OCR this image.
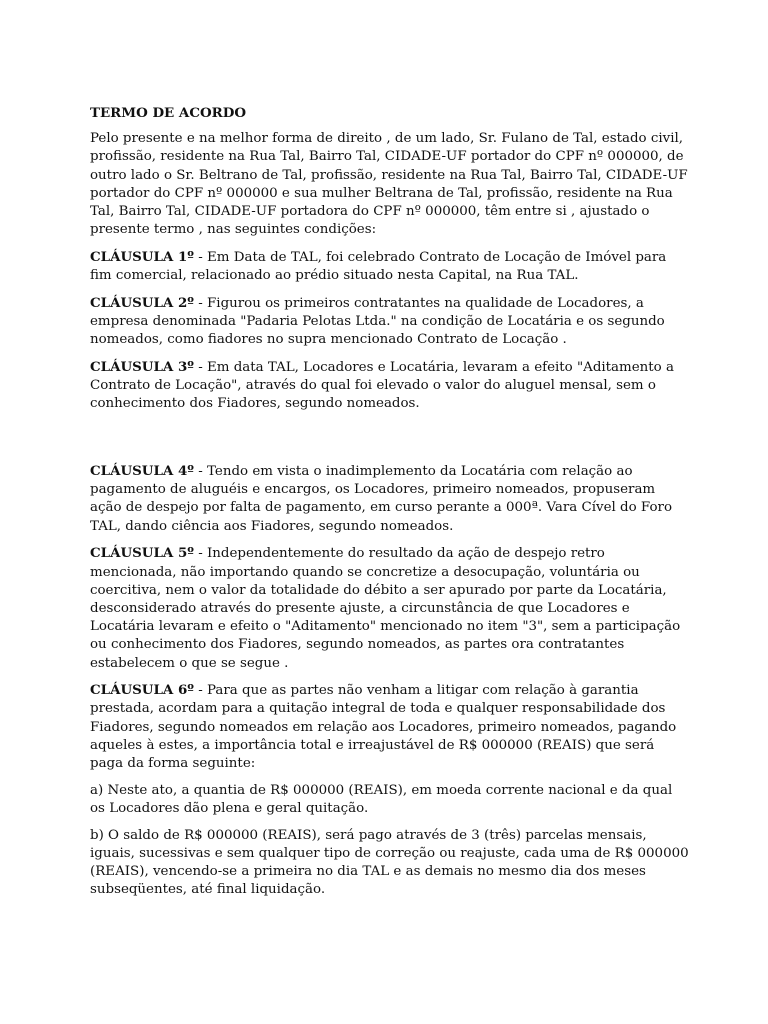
TERMO DE ACORDO

Pelo presente e na melhor forma de direito , de um lado, Sr. Fulano de Tal, estado civil, profissão, residente na Rua Tal, Bairro Tal, CIDADE-UF portador do CPF nº 000000, de outro lado o Sr. Beltrano de Tal, profissão, residente na Rua Tal, Bairro Tal, CIDADE-UF portador do CPF nº 000000 e sua mulher Beltrana de Tal, profissão, residente na Rua Tal, Bairro Tal, CIDADE-UF portadora do CPF nº 000000, têm entre si , ajustado o presente termo , nas seguintes condições:

CLÁUSULA 1º - Em Data de TAL, foi celebrado Contrato de Locação de Imóvel para fim comercial, relacionado ao prédio situado nesta Capital, na Rua TAL.

CLÁUSULA 2º - Figurou os primeiros contratantes na qualidade de Locadores, a empresa denominada "Padaria Pelotas Ltda." na condição de Locatária e os segundo nomeados, como fiadores no supra mencionado Contrato de Locação .

CLÁUSULA 3º - Em data TAL, Locadores e Locatária, levaram a efeito "Aditamento a Contrato de Locação", através do qual foi elevado o valor do aluguel mensal, sem o conhecimento dos Fiadores, segundo nomeados.

CLÁUSULA 4º - Tendo em vista o inadimplemento da Locatária com relação ao pagamento de aluguéis e encargos, os Locadores, primeiro nomeados, propuseram ação de despejo por falta de pagamento, em curso perante a 000ª. Vara Cível do Foro TAL, dando ciência aos Fiadores, segundo nomeados.

CLÁUSULA 5º - Independentemente do resultado da ação de despejo retro mencionada, não importando quando se concretize a desocupação, voluntária ou coercitiva, nem o valor da totalidade do débito a ser apurado por parte da Locatária, desconsiderado através do presente ajuste, a circunstância de que Locadores e Locatária levaram e efeito o "Aditamento" mencionado no item "3", sem a participação ou conhecimento dos Fiadores, segundo nomeados, as partes ora contratantes estabelecem o que se segue .

CLÁUSULA 6º - Para que as partes não venham a litigar com relação à garantia prestada, acordam para a quitação integral de toda e qualquer responsabilidade dos Fiadores, segundo nomeados em relação aos Locadores, primeiro nomeados, pagando aqueles à estes, a importância total e irreajustável de R$ 000000 (REAIS) que será paga da forma seguinte:

a) Neste ato, a quantia de R$ 000000 (REAIS), em moeda corrente nacional e da qual os Locadores dão plena e geral quitação.

b) O saldo de R$ 000000 (REAIS), será pago através de 3 (três) parcelas mensais, iguais, sucessivas e sem qualquer tipo de correção ou reajuste, cada uma de R$ 000000 (REAIS), vencendo-se a primeira no dia TAL e as demais no mesmo dia dos meses subseqüentes, até final liquidação.
